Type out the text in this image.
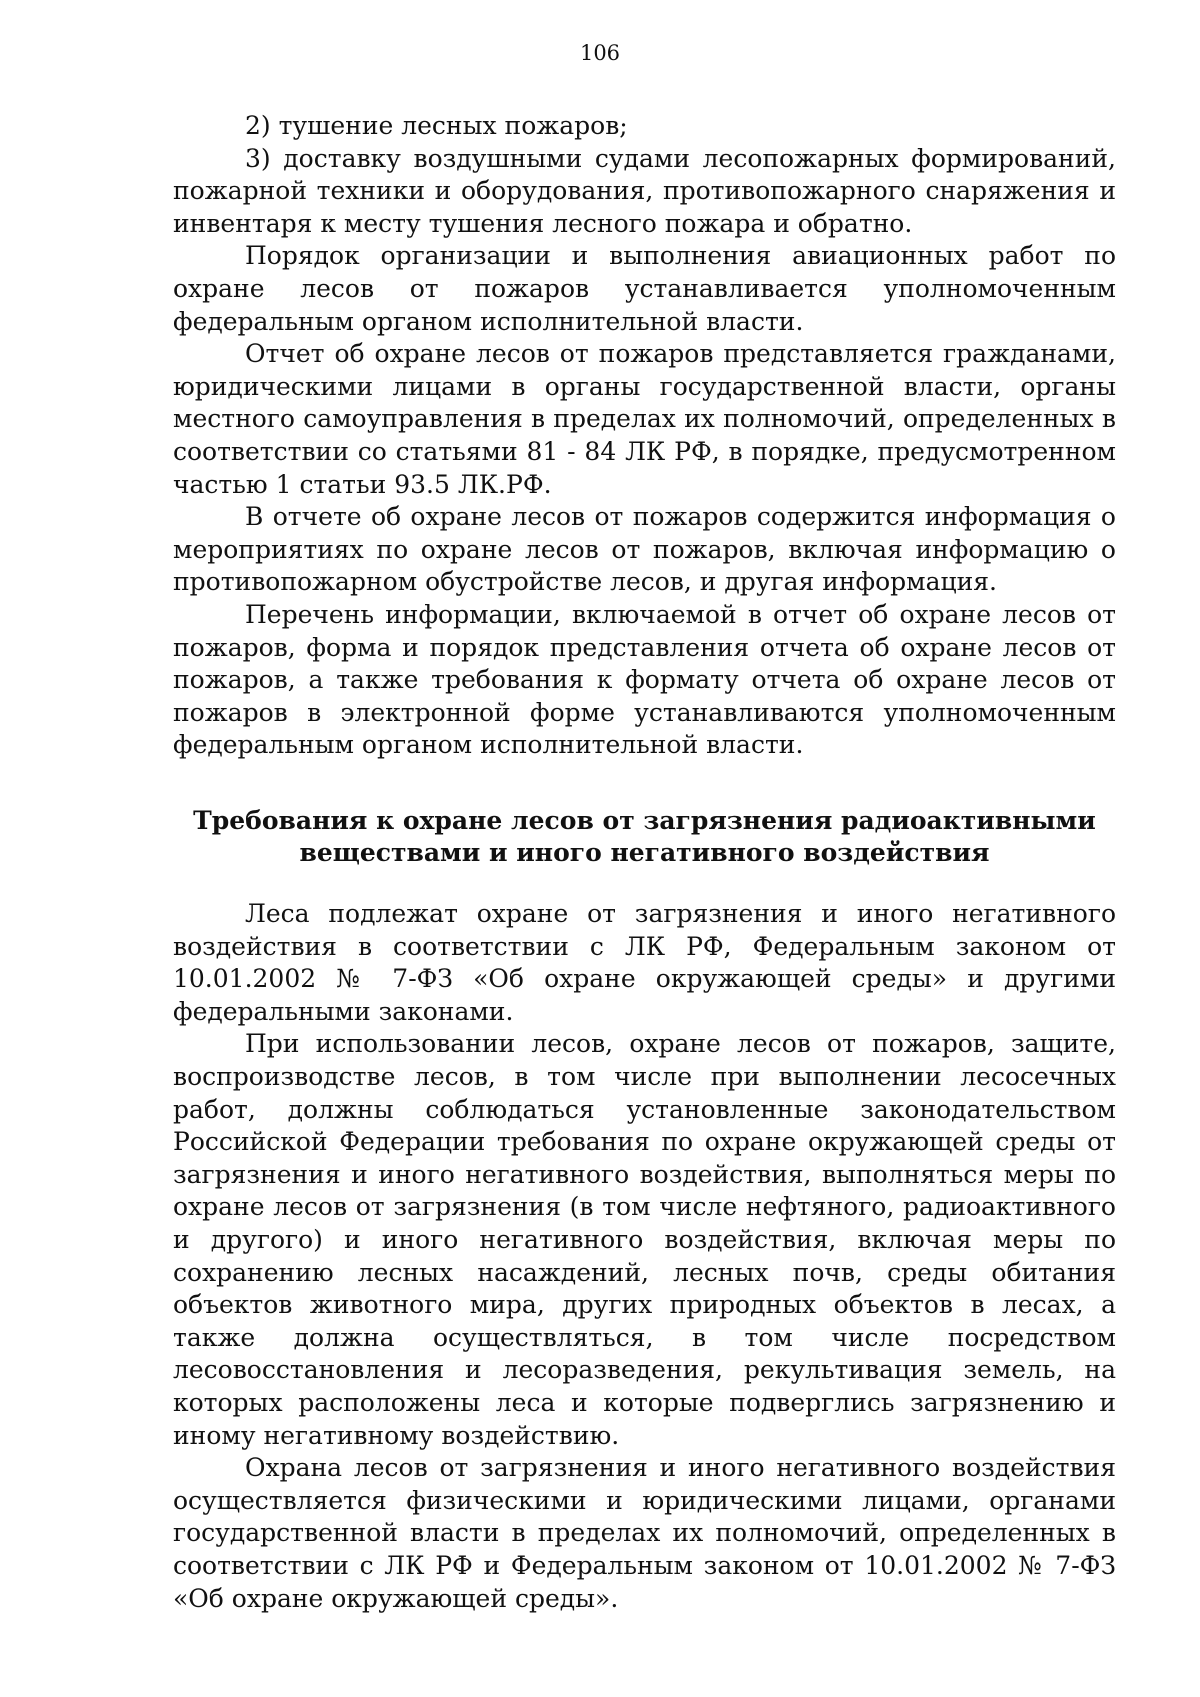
106

2) тушение лесных пожаров;

3) доставку воздушными судами лесопожарных формирований, пожарной техники и оборудования, противопожарного снаряжения и инвентаря к месту тушения лесного пожара и обратно.

Порядок организации и выполнения авиационных работ по охране лесов от пожаров устанавливается уполномоченным федеральным органом исполнительной власти.

Отчет об охране лесов от пожаров представляется гражданами, юридическими лицами в органы государственной власти, органы местного самоуправления в пределах их полномочий, определенных в соответствии со статьями 81 - 84 ЛК РФ, в порядке, предусмотренном частью 1 статьи 93.5 ЛК.РФ.

В отчете об охране лесов от пожаров содержится информация о мероприятиях по охране лесов от пожаров, включая информацию о противопожарном обустройстве лесов, и другая информация.

Перечень информации, включаемой в отчет об охране лесов от пожаров, форма и порядок представления отчета об охране лесов от пожаров, а также требования к формату отчета об охране лесов от пожаров в электронной форме устанавливаются уполномоченным федеральным органом исполнительной власти.

Требования к охране лесов от загрязнения радиоактивными
веществами и иного негативного воздействия

Леса подлежат охране от загрязнения и иного негативного воздействия в соответствии с ЛК РФ, Федеральным законом от 10.01.2002 № 7-ФЗ «Об охране окружающей среды» и другими федеральными законами.

При использовании лесов, охране лесов от пожаров, защите, воспроизводстве лесов, в том числе при выполнении лесосечных работ, должны соблюдаться установленные законодательством Российской Федерации требования по охране окружающей среды от загрязнения и иного негативного воздействия, выполняться меры по охране лесов от загрязнения (в том числе нефтяного, радиоактивного и другого) и иного негативного воздействия, включая меры по сохранению лесных насаждений, лесных почв, среды обитания объектов животного мира, других природных объектов в лесах, а также должна осуществляться, в том числе посредством лесовосстановления и лесоразведения, рекультивация земель, на которых расположены леса и которые подверглись загрязнению и иному негативному воздействию.

Охрана лесов от загрязнения и иного негативного воздействия осуществляется физическими и юридическими лицами, органами государственной власти в пределах их полномочий, определенных в соответствии с ЛК РФ и Федеральным законом от 10.01.2002 № 7-ФЗ «Об охране окружающей среды».
